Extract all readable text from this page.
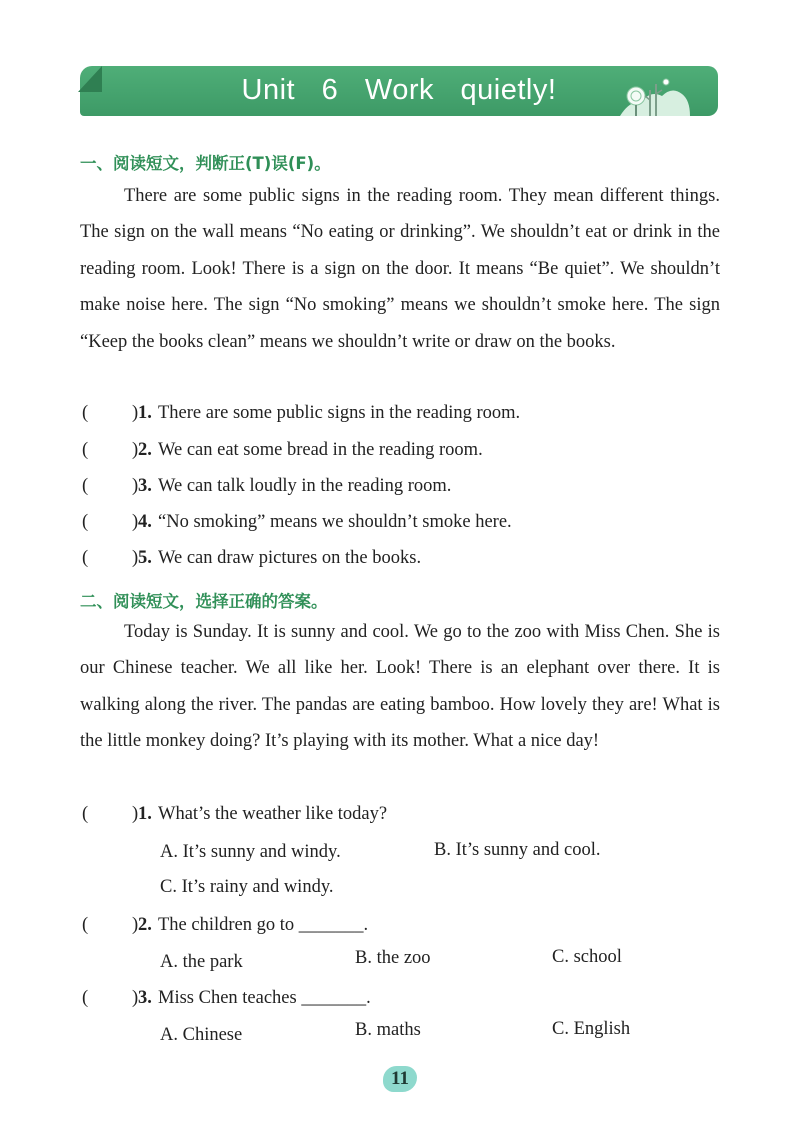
Unit 6 Work quietly!
一、阅读短文，判断正(T)误(F)。

There are some public signs in the reading room. They mean different things. The sign on the wall means “No eating or drinking”. We shouldn’t eat or drink in the reading room. Look! There is a sign on the door. It means “Be quiet”. We shouldn’t make noise here. The sign “No smoking” means we shouldn’t smoke here. The sign “Keep the books clean” means we shouldn’t write or draw on the books.

( ) 1. There are some public signs in the reading room.
( ) 2. We can eat some bread in the reading room.
( ) 3. We can talk loudly in the reading room.
( ) 4. “No smoking” means we shouldn’t smoke here.
( ) 5. We can draw pictures on the books.
二、阅读短文，选择正确的答案。

Today is Sunday. It is sunny and cool. We go to the zoo with Miss Chen. She is our Chinese teacher. We all like her. Look! There is an elephant over there. It is walking along the river. The pandas are eating bamboo. How lovely they are! What is the little monkey doing? It’s playing with its mother. What a nice day!

( ) 1. What’s the weather like today?
A. It’s sunny and windy.	B. It’s sunny and cool.
C. It’s rainy and windy.
( ) 2. The children go to _______.
A. the park	B. the zoo	C. school
( ) 3. Miss Chen teaches _______.
A. Chinese	B. maths	C. English
11
